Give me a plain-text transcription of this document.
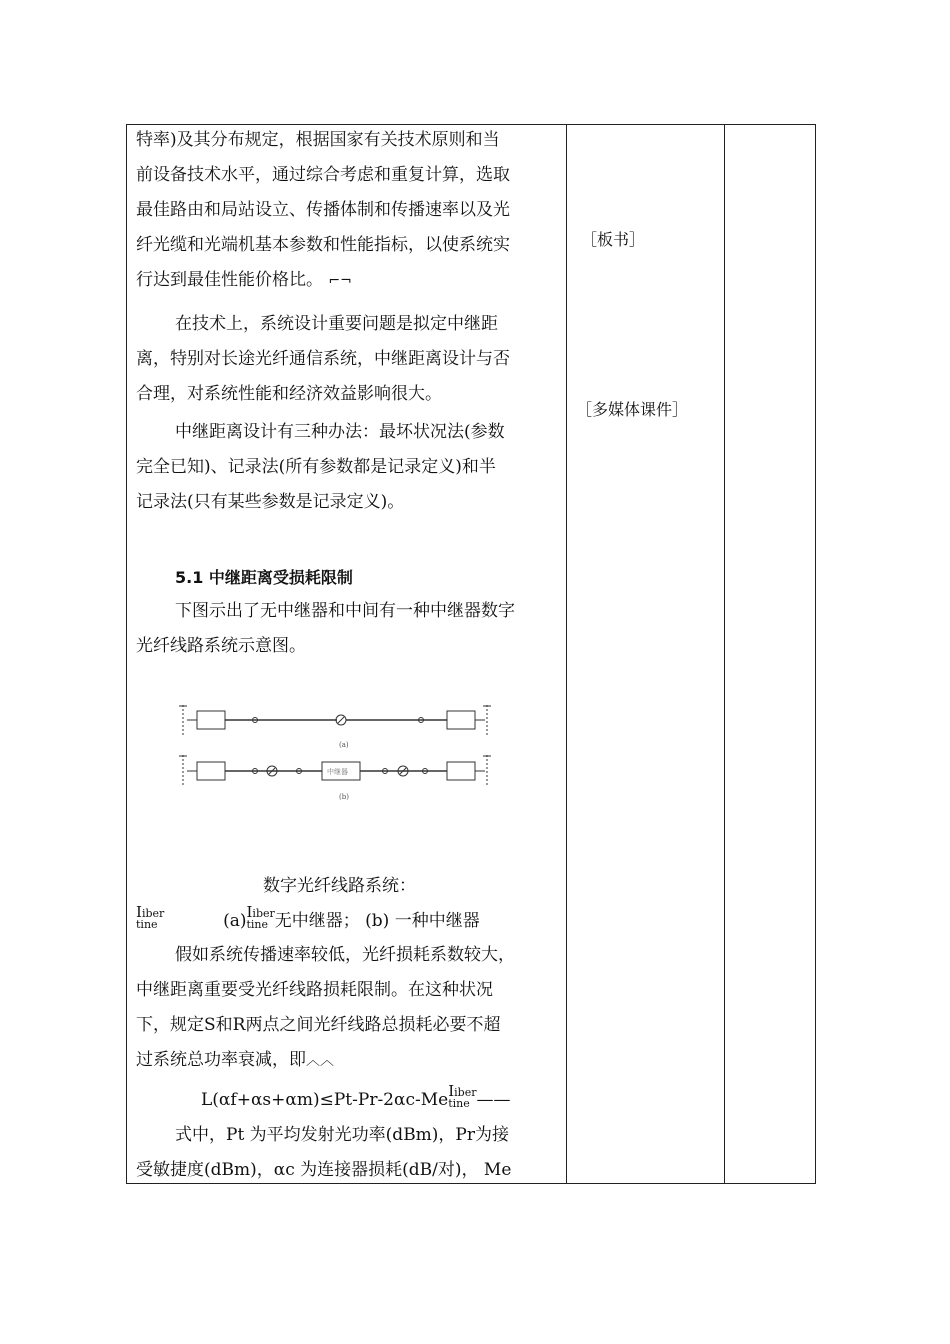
特率)及其分布规定，根据国家有关技术原则和当
前设备技术水平，通过综合考虑和重复计算，选取
最佳路由和局站设立、传播体制和传播速率以及光
纤光缆和光端机基本参数和性能指标，以使系统实
行达到最佳性能价格比。 ⌐¬
在技术上，系统设计重要问题是拟定中继距
离，特别对长途光纤通信系统，中继距离设计与否
合理，对系统性能和经济效益影响很大。
中继距离设计有三种办法：最坏状况法(参数
完全已知)、记录法(所有参数都是记录定义)和半
记录法(只有某些参数是记录定义)。
5.1 中继距离受损耗限制
下图示出了无中继器和中间有一种中继器数字
光纤线路系统示意图。
(a)
中继器
(b)
数字光纤线路系统：
Iiber
tine	(a)Iiber
tine 无中继器； (b) 一种中继器
假如系统传播速率较低，光纤损耗系数较大，
中继距离重要受光纤线路损耗限制。在这种状况
下，规定S和R两点之间光纤线路总损耗必要不超
过系统总功率衰减，即︿︿
L(αf+αs+αm)≤Pt-Pr-2αc-MeIiber
tine ——
式中，Pt 为平均发射光功率(dBm)，Pr为接
受敏捷度(dBm)，αc 为连接器损耗(dB/对)， Me
［板书］
［多媒体课件］
